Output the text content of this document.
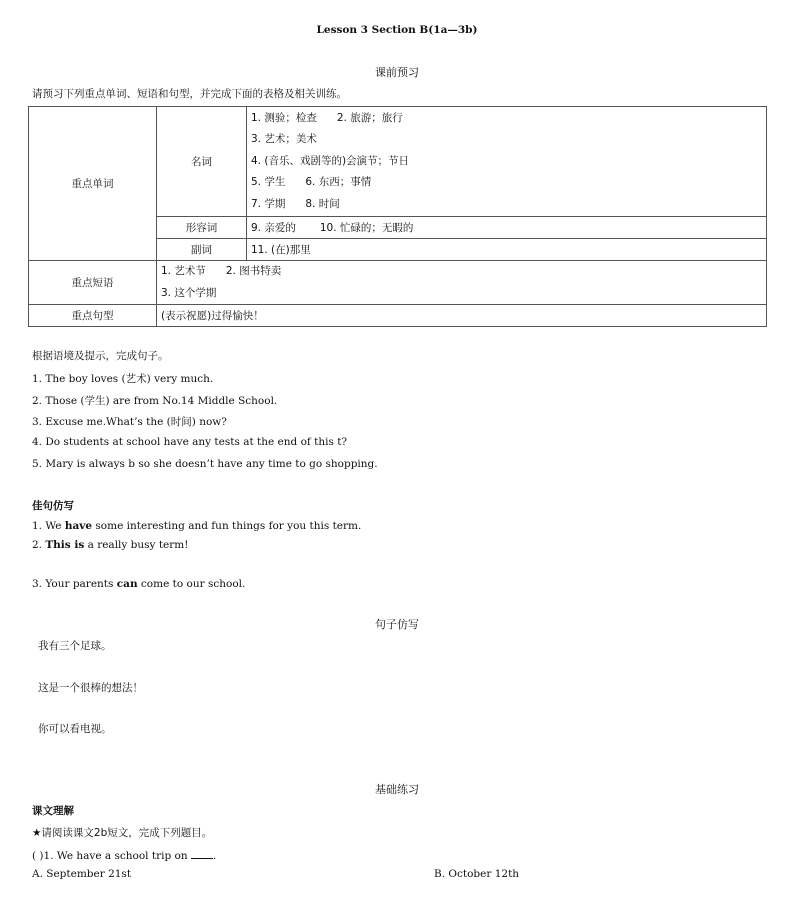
Lesson 3 Section B(1a—3b)
课前预习
请预习下列重点单词、短语和句型，并完成下面的表格及相关训练。
重点单词	名词	1. 测验；检查 2. 旅游；旅行
3. 艺术；美术
4. (音乐、戏剧等的)会演节；节日
5. 学生 6. 东西；事情
7. 学期 8. 时间

	形容词	9. 亲爱的 10. 忙碌的；无暇的
	副词	11. (在)那里
重点短语	1. 艺术节 2. 图书特卖
3. 这个学期	

重点句型	(表示祝愿)过得愉快！	
根据语境及提示，完成句子。
1. The boy loves (艺术) very much.
2. Those (学生) are from No.14 Middle School.
3. Excuse me.What’s the (时间) now?
4. Do students at school have any tests at the end of this t?
5. Mary is always b so she doesn’t have any time to go shopping.
佳句仿写
1. We have some interesting and fun things for you this term.
2. This is a really busy term!
3. Your parents can come to our school.
句子仿写
我有三个足球。
这是一个很棒的想法！
你可以看电视。
基础练习
课文理解
★请阅读课文2b短文，完成下列题目。
( )1. We have a school trip on .
A. September 21st	B. October 12th
